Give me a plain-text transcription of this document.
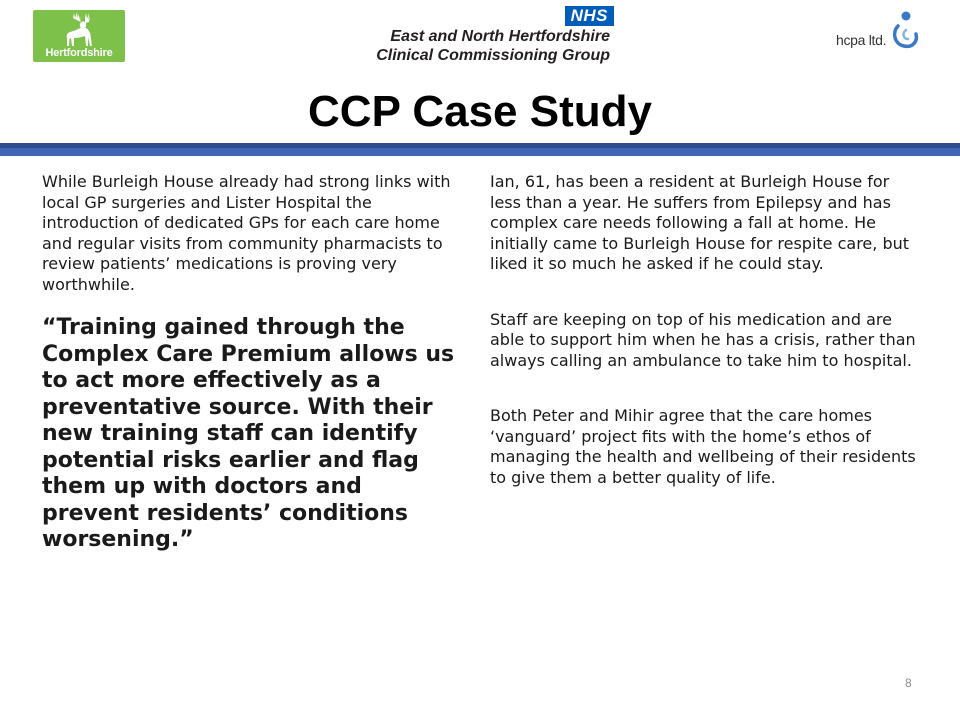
Hertfordshire
NHS
East and North Hertfordshire
Clinical Commissioning Group
hcpa ltd.
CCP Case Study

While Burleigh House already had strong links with local GP surgeries and Lister Hospital the introduction of dedicated GPs for each care home and regular visits from community pharmacists to review patients’ medications is proving very worthwhile.

“Training gained through the Complex Care Premium allows us to act more effectively as a preventative source. With their new training staff can identify potential risks earlier and flag them up with doctors and prevent residents’ conditions worsening.”

Ian, 61, has been a resident at Burleigh House for less than a year. He suffers from Epilepsy and has complex care needs following a fall at home. He initially came to Burleigh House for respite care, but liked it so much he asked if he could stay.

Staff are keeping on top of his medication and are able to support him when he has a crisis, rather than always calling an ambulance to take him to hospital.

Both Peter and Mihir agree that the care homes ‘vanguard’ project fits with the home’s ethos of managing the health and wellbeing of their residents to give them a better quality of life.

8
